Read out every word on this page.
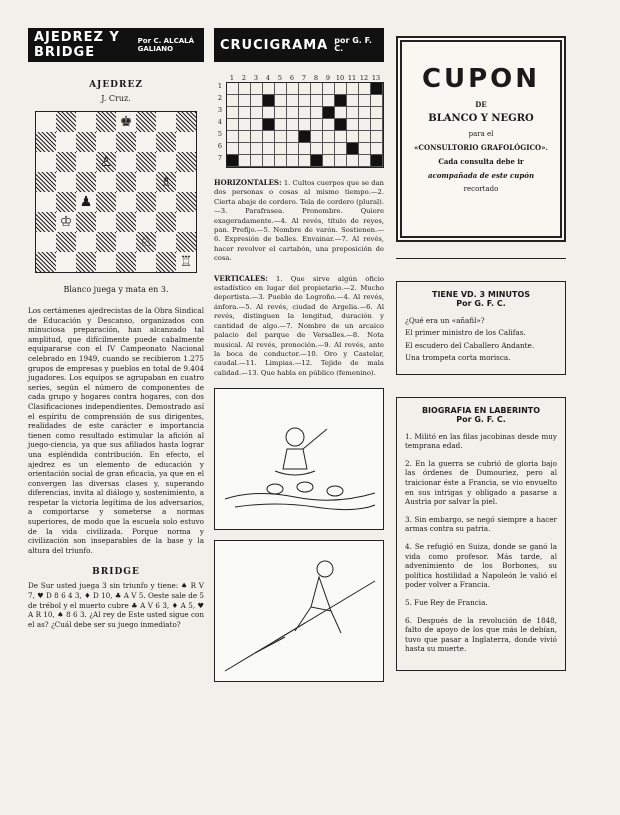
AJEDREZ Y BRIDGE
Por C. ALCALÁ GALIANO
AJEDREZ
J. Cruz.
♚
♙
♗
♟
♔
♘
♖
Blanco juega y mata en 3.
Los certámenes ajedrecistas de la Obra Sindical de Educación y Descanso, organizados con minuciosa preparación, han alcanzado tal amplitud, que difícilmente puede cabalmente equipararse con el IV Campeonato Nacional celebrado en 1949, cuando se recibieron 1.275 grupos de empresas y pueblos en total de 9.404 jugadores. Los equipos se agrupaban en cuatro series, según el número de componentes de cada grupo y hogares contra hogares, con dos Clasificaciones independientes. Demostrado así el espíritu de comprensión de sus dirigentes, realidades de este carácter e importancia tienen como resultado estimular la afición al juego-ciencia, ya que sus afiliados hasta lograr una espléndida contribución. En efecto, el ajedrez es un elemento de educación y orientación social de gran eficacia, ya que en el convergen las diversas clases y, superando diferencias, invita al diálogo y, sostenimiento, a respetar la victoria legítima de los adversarios, a comportarse y someterse a normas superiores, de modo que la escuela solo estuvo de la vida civilizada. Porque norma y civilización son inseparables de la base y la altura del triunfo.
BRIDGE
De Sur usted juega 3 sin triunfo y tiene: ♠ R V 7, ♥ D 8 6 4 3, ♦ D 10, ♣ A V 5. Oeste sale de 5 de trébol y el muerto cubre ♣ A V 6 3, ♦ A 5, ♥ A R 10, ♠ 8 6 3. ¿Al rey de Este usted sigue con el as? ¿Cuál debe ser su juego inmediato?
CRUCIGRAMA por G. F. C.
1	2	3	4	5	6	7	8	9 10 11 12 13
1
2
3
4
5
6
7
HORIZONTALES: 1. Cultos cuerpos que se dan dos personas o cosas al mismo tiempo.—2. Cierta abaje de cordero. Tela de cordero (plural).—3. Parafrasea. Pronombre. Quiere exageradamente.—4. Al revés, título de reyes, pan. Prefijo.—5. Nombre de varón. Sostienen.—6. Expresión de balles. Envainar.—7. Al revés, hacer revolver el cartabón, una preposición de cosa.
VERTICALES: 1. Que sirve algún oficio estadístico en lugar del propietario.—2. Mucho deportista.—3. Pueblo de Logroño.—4. Al revés, ánfora.—5. Al revés, ciudad de Argelia.—6. Al revés, distinguen la longitud, duración y cantidad de algo.—7. Nombre de un arcaico palacio del parque de Versalles.—8. Nota musical. Al revés, pronoción.—9. Al revés, ante la boca de conductor.—10. Oro y Castelar, caudal.—11. Limpias.—12. Tejido de mala calidad.—13. Que habla en público (femenino).
CUPON
DE
BLANCO Y NEGRO
para el
«CONSULTORIO GRAFOLÓGICO».
Cada consulta debe ir
acompañada de este cupón
recortado
TIENE VD. 3 MINUTOS
Por G. F. C.

¿Qué era un «añafil»?

El primer ministro de los Califas.

El escudero del Caballero Andante.

Una trompeta corta morisca.

BIOGRAFIA EN LABERINTO
Por G. F. C.
1. Militó en las filas jacobinas desde muy temprana edad.
2. En la guerra se cubrió de gloria bajo las órdenes de Dumouriez, pero al traicionar éste a Francia, se vio envuelto en sus intrigas y obligado a pasarse a Austria por salvar la piel.
3. Sin embargo, se negó siempre a hacer armas contra su patria.
4. Se refugió en Suiza, donde se ganó la vida como profesor. Más tarde, al advenimiento de los Borbones, su política hostilidad a Napoleón le valió el poder volver a Francia.
5. Fue Rey de Francia.
6. Después de la revolución de 1848, falto de apoyo de los que más le debían, tuvo que pasar a Inglaterra, donde vivió hasta su muerte.
